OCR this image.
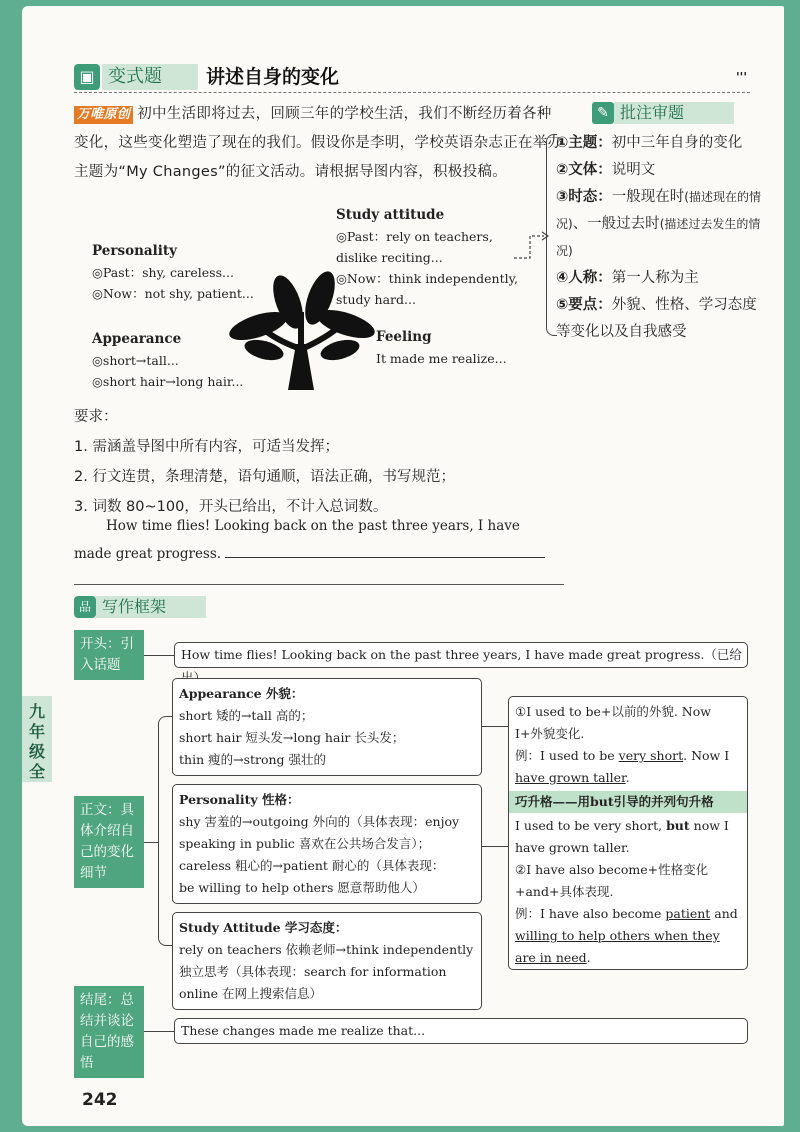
▣ 变式题	讲述自身的变化	'''
万唯原创 初中生活即将过去，回顾三年的学校生活，我们不断经历着各种变化，这些变化塑造了现在的我们。假设你是李明，学校英语杂志正在举办主题为“My Changes”的征文活动。请根据导图内容，积极投稿。
✎ 批注审题
①主题：初中三年自身的变化
②文体：说明文
③时态：一般现在时(描述现在的情况)、一般过去时(描述过去发生的情况)
④人称：第一人称为主
⑤要点：外貌、性格、学习态度等变化以及自我感受
Personality
◎Past：shy, careless...
◎Now：not shy, patient...
Appearance
◎short→tall...
◎short hair→long hair...
Study attitude
◎Past：rely on teachers,
dislike reciting...
◎Now：think independently,
study hard...
Feeling
It made me realize...
要求：
1. 需涵盖导图中所有内容，可适当发挥；
2. 行文连贯，条理清楚，语句通顺，语法正确，书写规范；
3. 词数 80~100，开头已给出，不计入总词数。
How time flies! Looking back on the past three years, I have
made great progress.
品 写作框架
九年级全
开头：引入话题
How time flies! Looking back on the past three years, I have made great progress.（已给
正文：具体介绍自己的变化细节
Appearance 外貌：
short 矮的→tall 高的；
short hair 短头发→long hair 长头发；
thin 瘦的→strong 强壮的
Personality 性格：
shy 害羞的→outgoing 外向的（具体表现：enjoy
speaking in public 喜欢在公共场合发言）；
careless 粗心的→patient 耐心的（具体表现：
be willing to help others 愿意帮助他人）
Study Attitude 学习态度：
rely on teachers 依赖老师→think independently
独立思考（具体表现：search for information
online 在网上搜索信息）
①I used to be+以前的外貌. Now I+外貌变化.
例：I used to be very short. Now I have grown taller.
巧升格——用but引导的并列句升格
I used to be very short, but now I have grown taller.
②I have also become+性格变化+and+具体表现.
例：I have also become patient and willing to help others when they are in need.
结尾：总结并谈论自己的感悟
These changes made me realize that...
242
